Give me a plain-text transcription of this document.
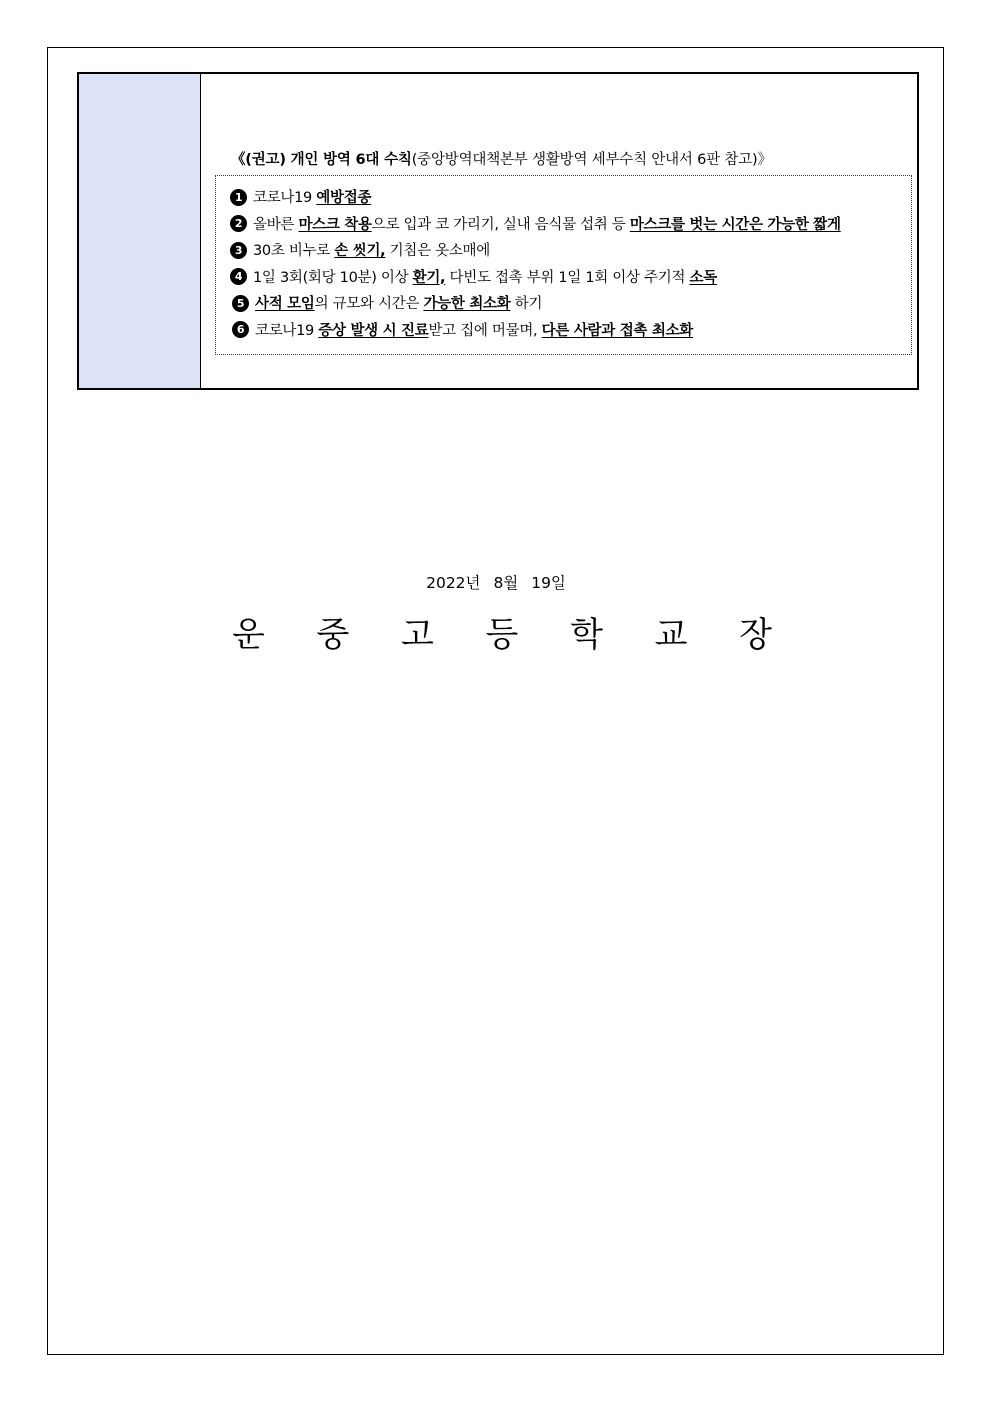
《(권고) 개인 방역 6대 수칙(중앙방역대책본부 생활방역 세부수칙 안내서 6판 참고)》
1 코로나19 예방접종
2 올바른 마스크 착용으로 입과 코 가리기, 실내 음식물 섭취 등 마스크를 벗는 시간은 가능한 짧게
3 30초 비누로 손 씻기, 기침은 옷소매에
4 1일 3회(회당 10분) 이상 환기, 다빈도 접촉 부위 1일 1회 이상 주기적 소독
5 사적 모임의 규모와 시간은 가능한 최소화 하기
6 코로나19 증상 발생 시 진료받고 집에 머물며, 다른 사람과 접촉 최소화
2022년 8월 19일
운 중 고 등 학 교 장
